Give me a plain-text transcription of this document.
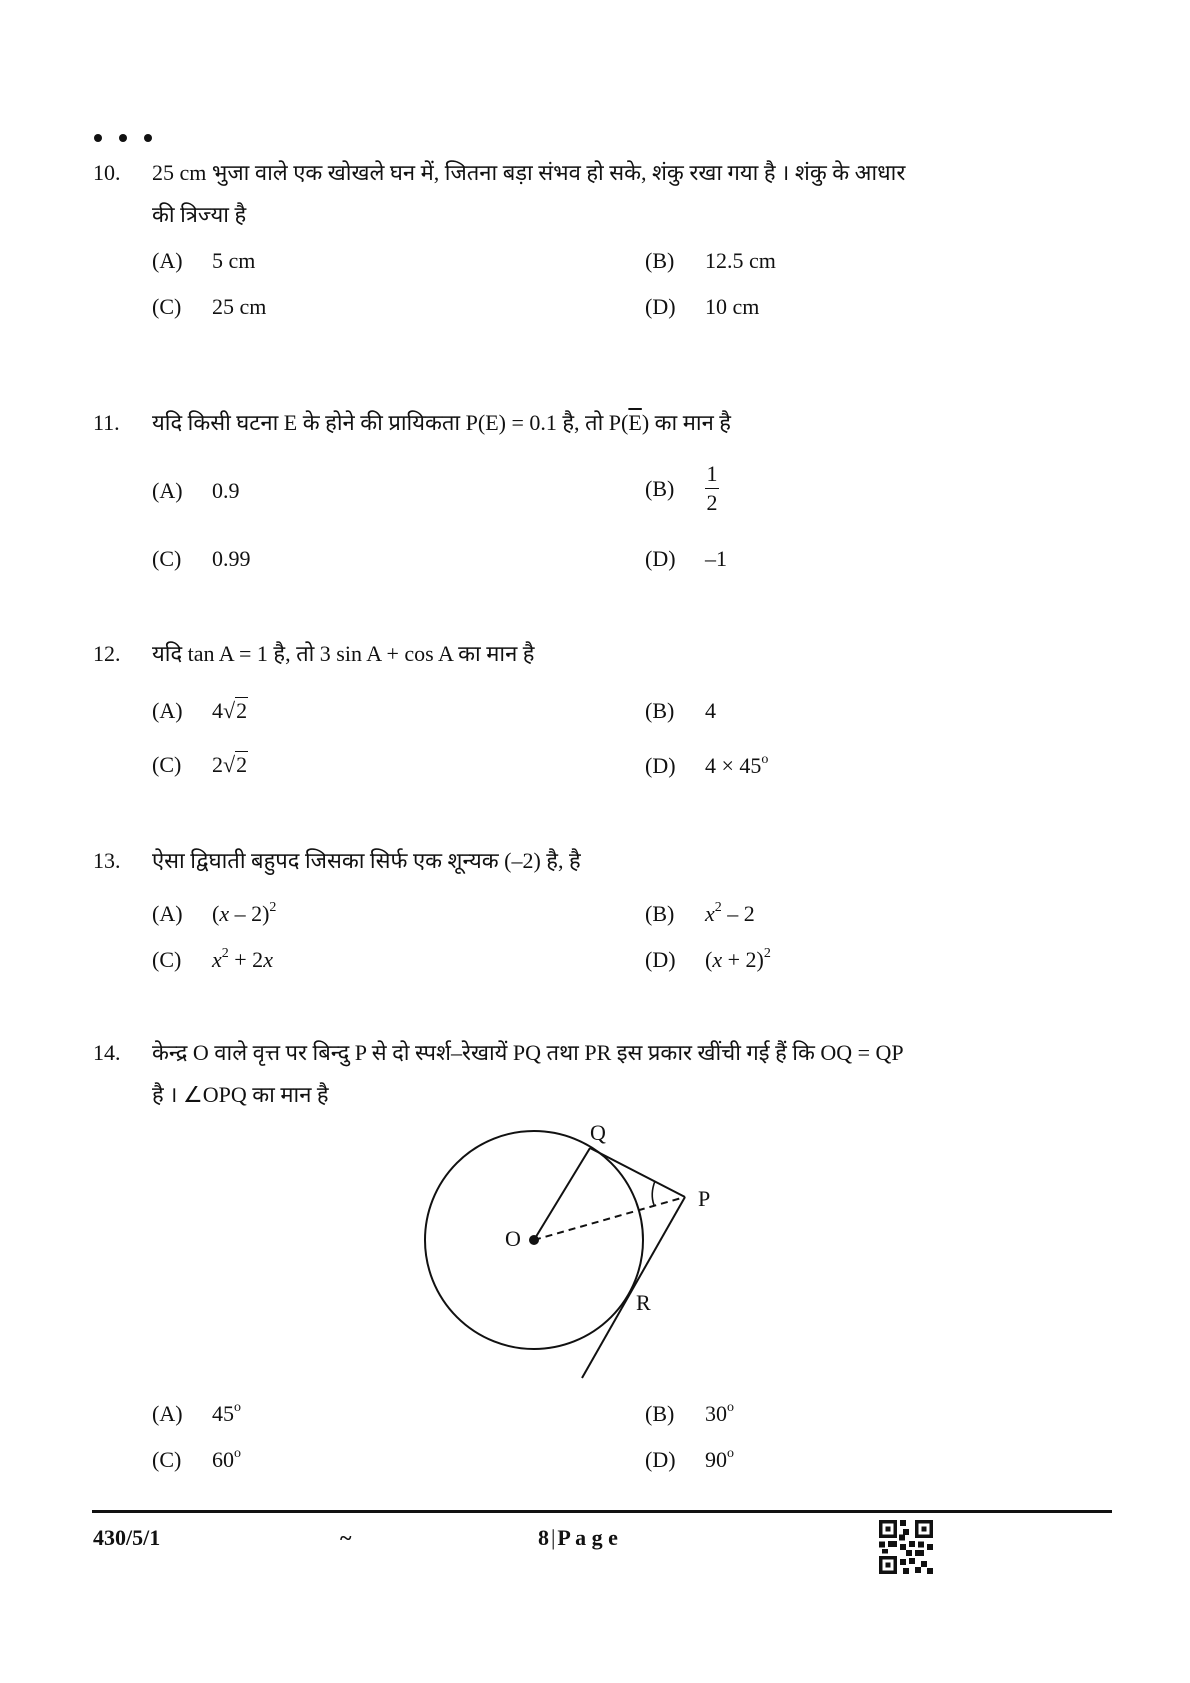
10. 25 cm भुजा वाले एक खोखले घन में, जितना बड़ा संभव हो सके, शंकु रखा गया है । शंकु के आधार
की त्रिज्या है
(A) 5 cm	(B) 12.5 cm
(C) 25 cm	(D) 10 cm
11. यदि किसी घटना E के होने की प्रायिकता P(E) = 0.1 है, तो $P(\overline{E})$ का मान है
(A) 0.9	$(B) \frac{1}{2}$
(C) 0.99	(D) –1
12. यदि tan A = 1 है, तो 3 sin A + cos A का मान है
(A) 4√2	(B) 4
(C) 2√2	(D) $4 \times 45^o$
13. ऐसा द्विघाती बहुपद जिसका सिर्फ एक शून्यक (–2) है, है
(A) (x – 2)$^2$	(B) $x^2 - 2$
(C) $x^2 + 2x$	(D) $(x + 2)^2$
14. केन्द्र O वाले वृत्त पर बिन्दु P से दो स्पर्श–रेखायें PQ तथा PR इस प्रकार खींची गई हैं कि OQ = QP
है । ∠OPQ का मान है
O
Q
P
R
(A) 45$^o$	(B) 30$^o$
(C) 60$^o$	(D) 90$^o$
430/5/1	~	8|P a g e
